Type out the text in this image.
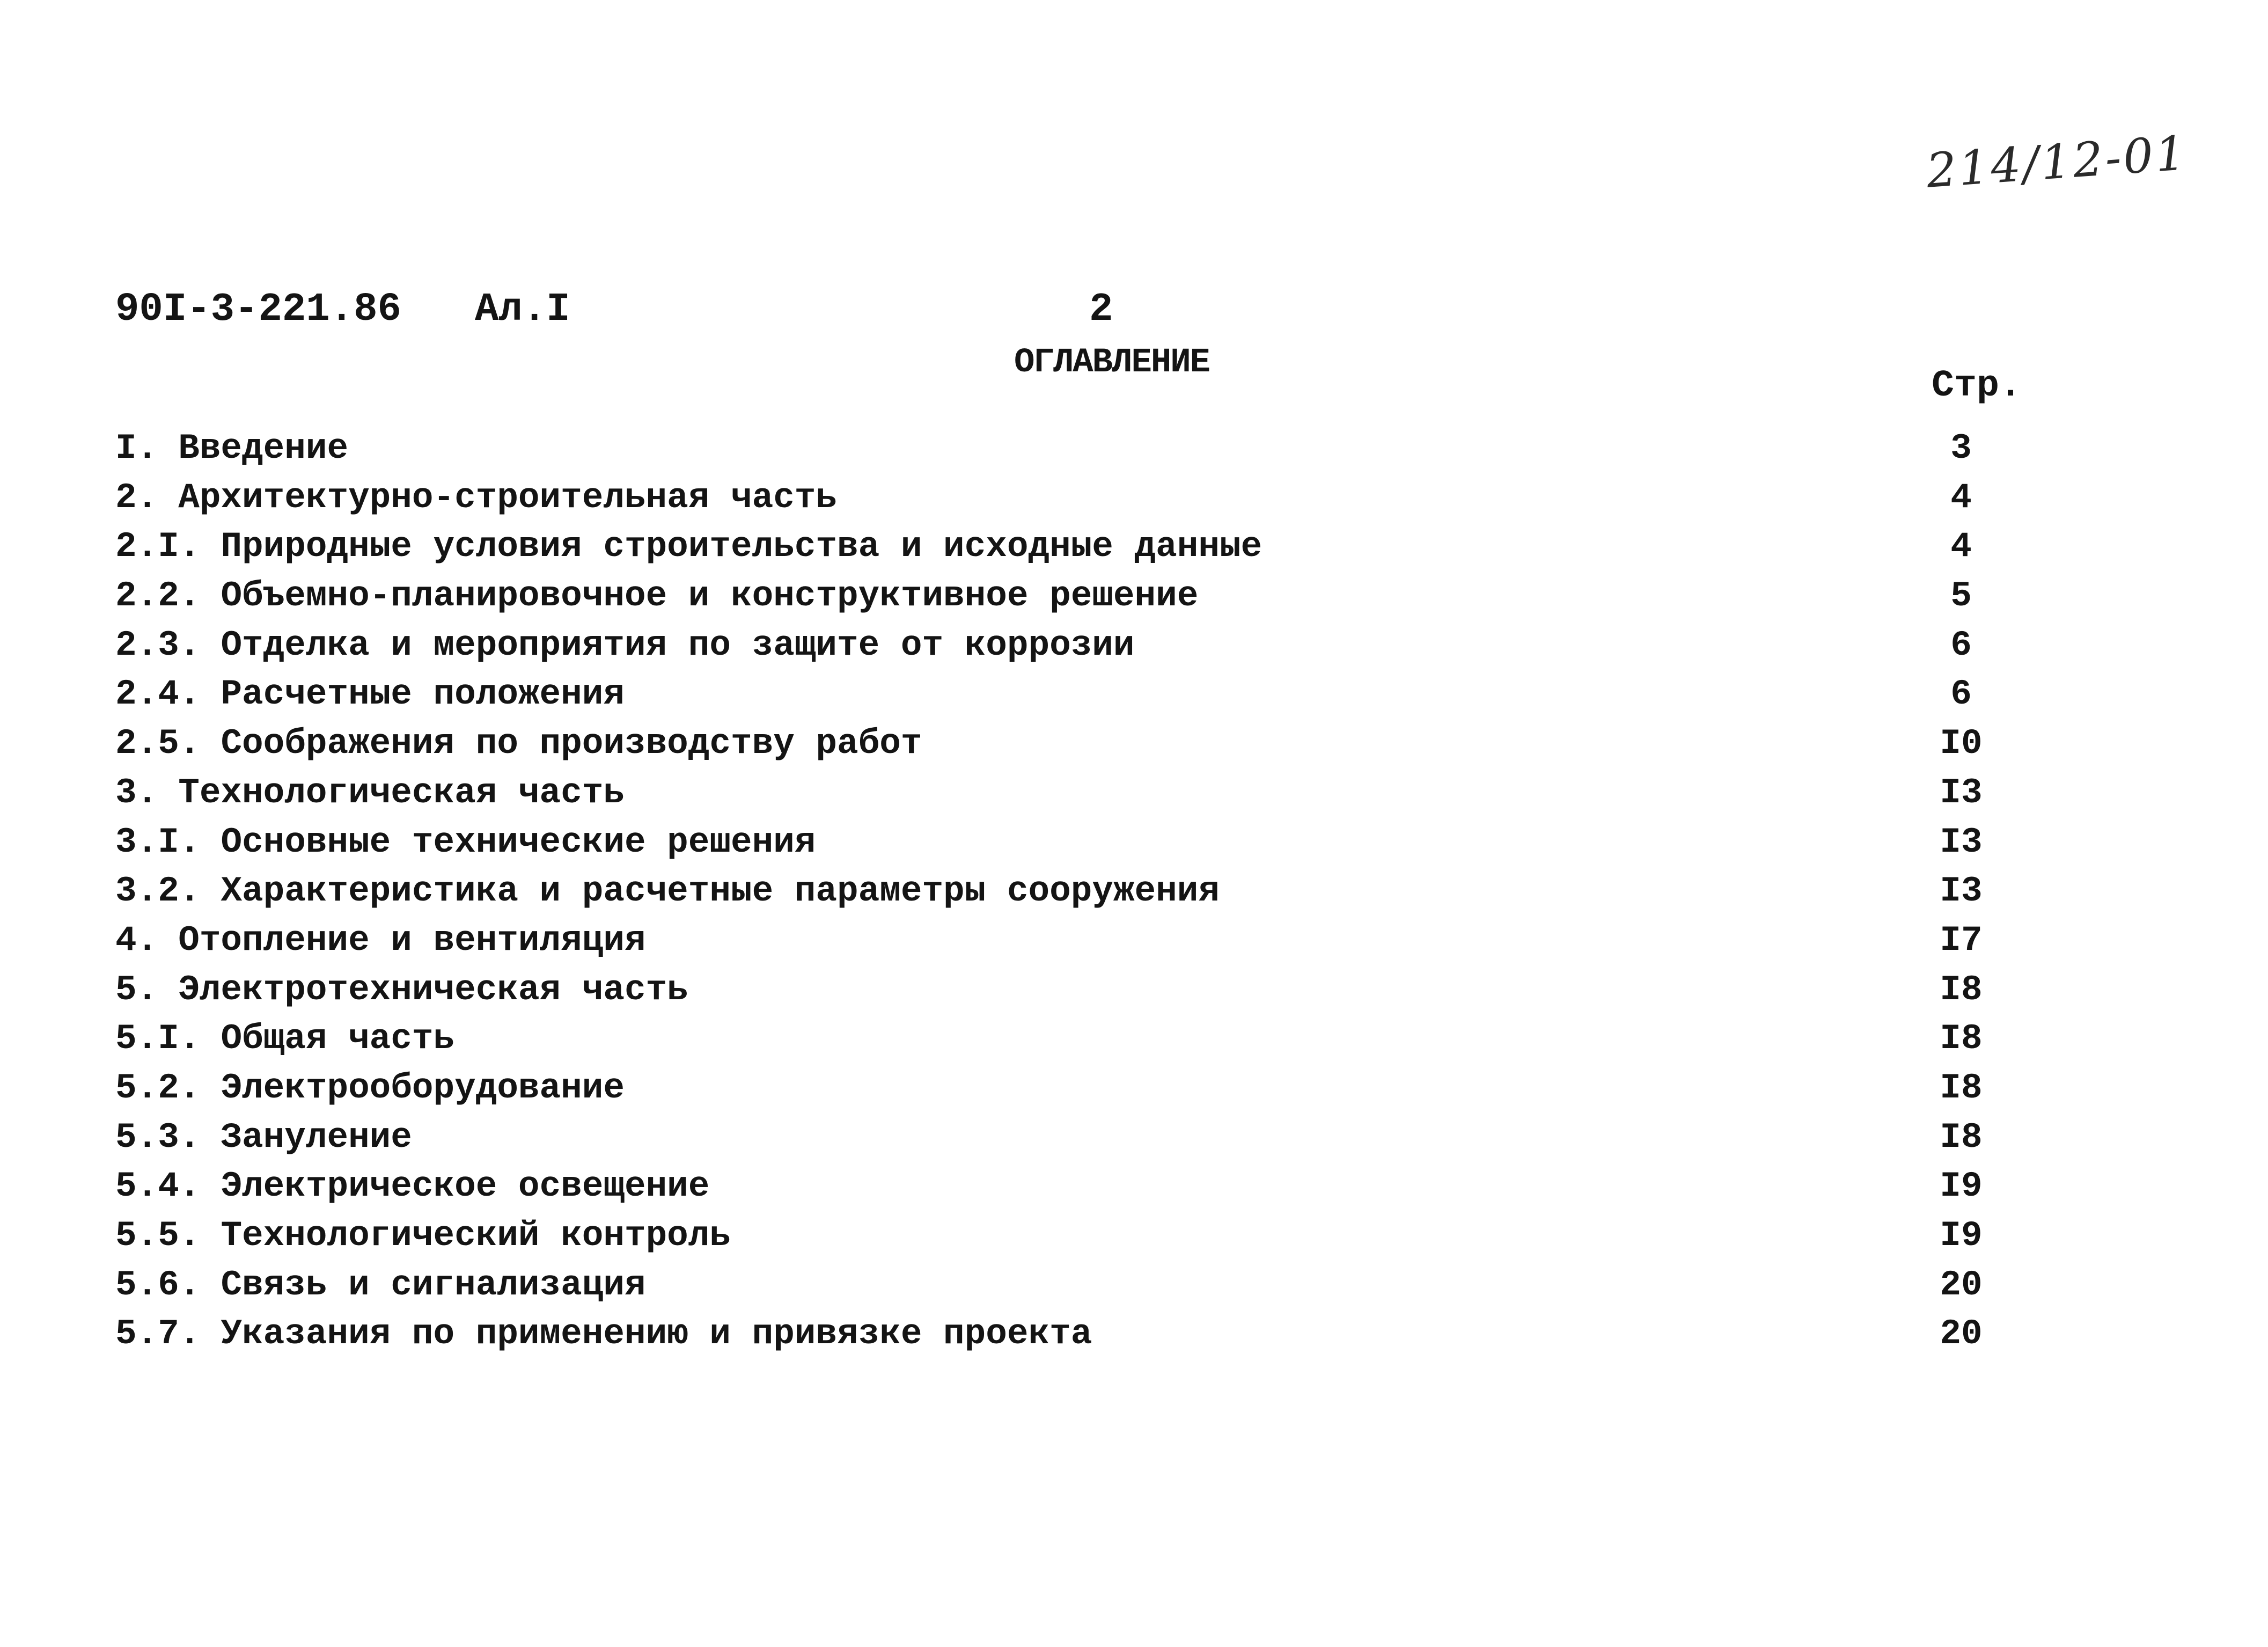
214/12-01
90I-3-221.86 Ал.I	2
ОГЛАВЛЕНИЕ
Стр.
I. Введение	3
2. Архитектурно-строительная часть	4
2.I. Природные условия строительства и исходные данные	4
2.2. Объемно-планировочное и конструктивное решение	5
2.3. Отделка и мероприятия по защите от коррозии	6
2.4. Расчетные положения	6
2.5. Соображения по производству работ	I0
3. Технологическая часть	I3
3.I. Основные технические решения	I3
3.2. Характеристика и расчетные параметры сооружения	I3
4. Отопление и вентиляция	I7
5. Электротехническая часть	I8
5.I. Общая часть	I8
5.2. Электрооборудование	I8
5.3. Зануление	I8
5.4. Электрическое освещение	I9
5.5. Технологический контроль	I9
5.6. Связь и сигнализация	20
5.7. Указания по применению и привязке проекта	20
